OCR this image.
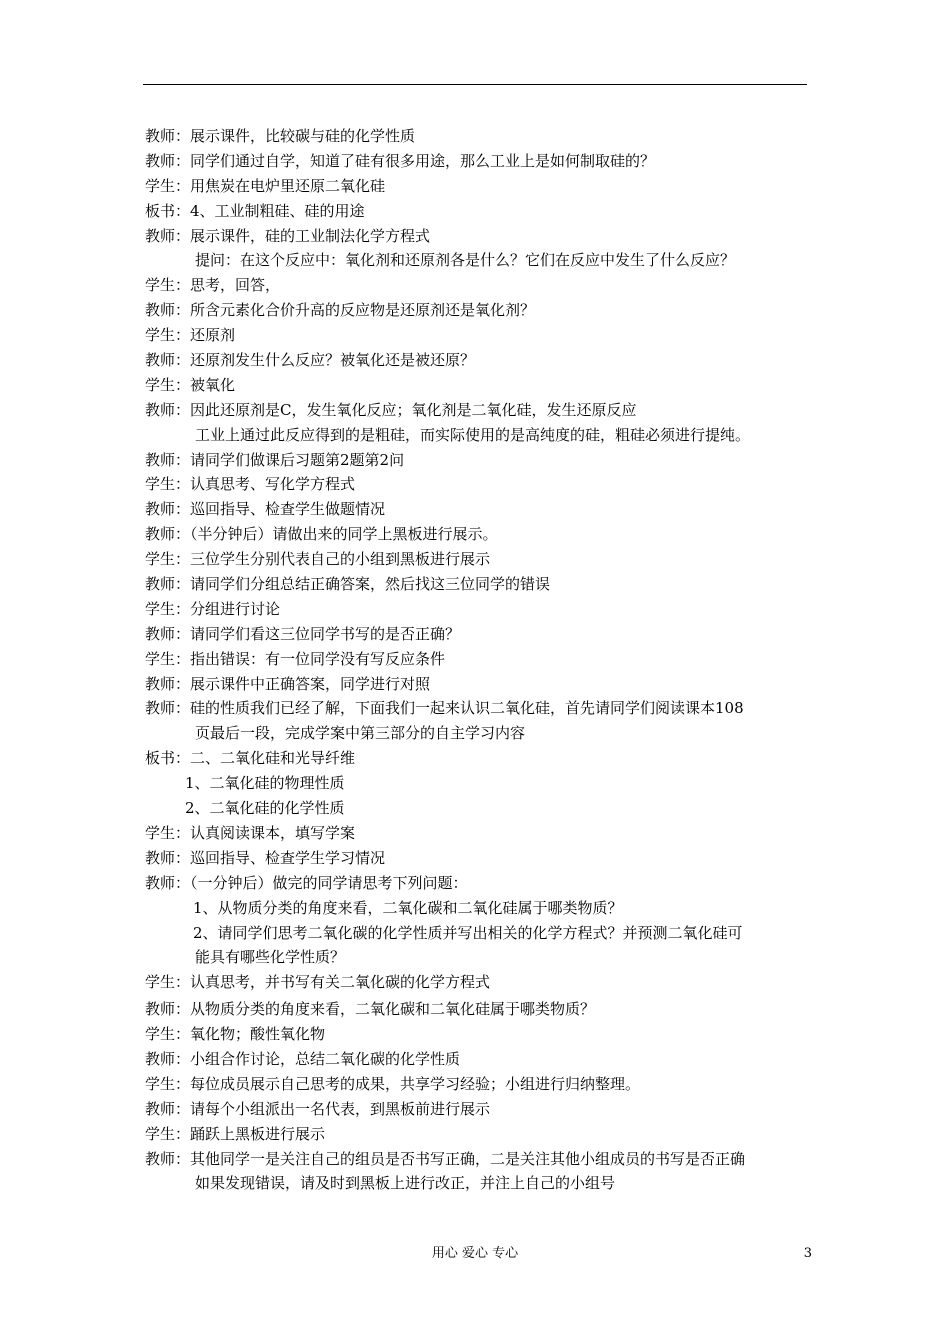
教师：展示课件，比较碳与硅的化学性质
教师：同学们通过自学，知道了硅有很多用途，那么工业上是如何制取硅的？
学生：用焦炭在电炉里还原二氧化硅
板书：4、工业制粗硅、硅的用途
教师：展示课件，硅的工业制法化学方程式
提问：在这个反应中：氧化剂和还原剂各是什么？它们在反应中发生了什么反应？
学生：思考，回答，
教师：所含元素化合价升高的反应物是还原剂还是氧化剂？
学生：还原剂
教师：还原剂发生什么反应？被氧化还是被还原？
学生：被氧化
教师：因此还原剂是C，发生氧化反应；氧化剂是二氧化硅，发生还原反应
工业上通过此反应得到的是粗硅，而实际使用的是高纯度的硅，粗硅必须进行提纯。
教师：请同学们做课后习题第2题第2问
学生：认真思考、写化学方程式
教师：巡回指导、检查学生做题情况
教师：（半分钟后）请做出来的同学上黑板进行展示。
学生：三位学生分别代表自己的小组到黑板进行展示
教师：请同学们分组总结正确答案，然后找这三位同学的错误
学生：分组进行讨论
教师：请同学们看这三位同学书写的是否正确？
学生：指出错误：有一位同学没有写反应条件
教师：展示课件中正确答案，同学进行对照
教师：硅的性质我们已经了解，下面我们一起来认识二氧化硅，首先请同学们阅读课本108
页最后一段，完成学案中第三部分的自主学习内容
板书：二、二氧化硅和光导纤维
1、二氧化硅的物理性质
2、二氧化硅的化学性质
学生：认真阅读课本，填写学案
教师：巡回指导、检查学生学习情况
教师：（一分钟后）做完的同学请思考下列问题：
1、从物质分类的角度来看，二氧化碳和二氧化硅属于哪类物质？
2、请同学们思考二氧化碳的化学性质并写出相关的化学方程式？并预测二氧化硅可
能具有哪些化学性质？
学生：认真思考，并书写有关二氧化碳的化学方程式
教师：从物质分类的角度来看，二氧化碳和二氧化硅属于哪类物质？
学生：氧化物；酸性氧化物
教师：小组合作讨论，总结二氧化碳的化学性质
学生：每位成员展示自己思考的成果，共享学习经验；小组进行归纳整理。
教师：请每个小组派出一名代表，到黑板前进行展示
学生：踊跃上黑板进行展示
教师：其他同学一是关注自己的组员是否书写正确，二是关注其他小组成员的书写是否正确
如果发现错误，请及时到黑板上进行改正，并注上自己的小组号
用心 爱心 专心	3
